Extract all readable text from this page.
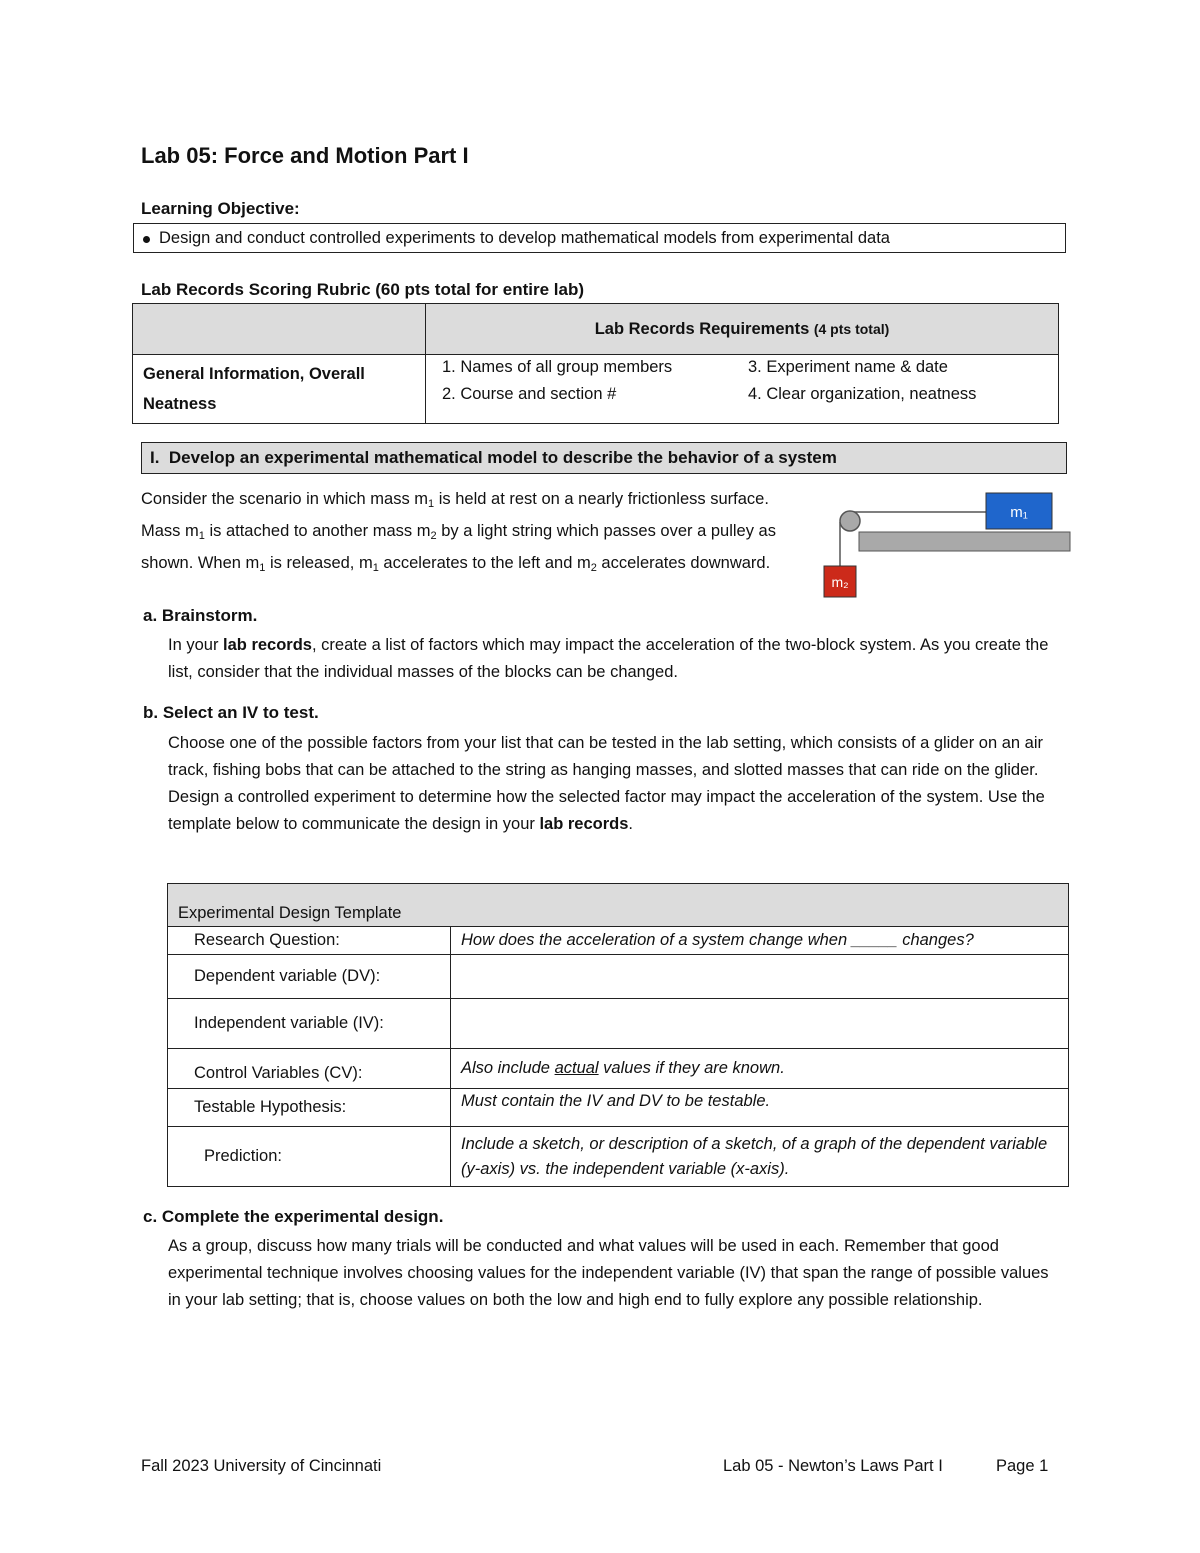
Lab 05: Force and Motion Part I
Learning Objective:
Design and conduct controlled experiments to develop mathematical models from experimental data
Lab Records Scoring Rubric (60 pts total for entire lab)
	Lab Records Requirements (4 pts total)
General Information, Overall Neatness	1. Names of all group members
2. Course and section #
3. Experiment name & date
4. Clear organization, neatness
I. Develop an experimental mathematical model to describe the behavior of a system
Consider the scenario in which mass $m_1$ is held at rest on a nearly frictionless surface. Mass $m_1$ is attached to another mass $m_2$ by a light string which passes over a pulley as shown. When $m_1$ is released, $m_1$ accelerates to the left and $m_2$ accelerates downward.
m₁
m₂
a. Brainstorm.
In your lab records, create a list of factors which may impact the acceleration of the two-block system. As you create the list, consider that the individual masses of the blocks can be changed.
b. Select an IV to test.
Choose one of the possible factors from your list that can be tested in the lab setting, which consists of a glider on an air track, fishing bobs that can be attached to the string as hanging masses, and slotted masses that can ride on the glider. Design a controlled experiment to determine how the selected factor may impact the acceleration of the system. Use the template below to communicate the design in your lab records.
Experimental Design Template	
Research Question:	How does the acceleration of a system change when _____ changes?
Dependent variable (DV):	
Independent variable (IV):	
Control Variables (CV):	Also include actual values if they are known.
Testable Hypothesis:	Must contain the IV and DV to be testable.
Prediction:	Include a sketch, or description of a sketch, of a graph of the dependent variable (y-axis) vs. the independent variable (x-axis).
c. Complete the experimental design.
As a group, discuss how many trials will be conducted and what values will be used in each. Remember that good experimental technique involves choosing values for the independent variable (IV) that span the range of possible values in your lab setting; that is, choose values on both the low and high end to fully explore any possible relationship.
Fall 2023 University of Cincinnati	Lab 05 - Newton’s Laws Part I	Page 1
